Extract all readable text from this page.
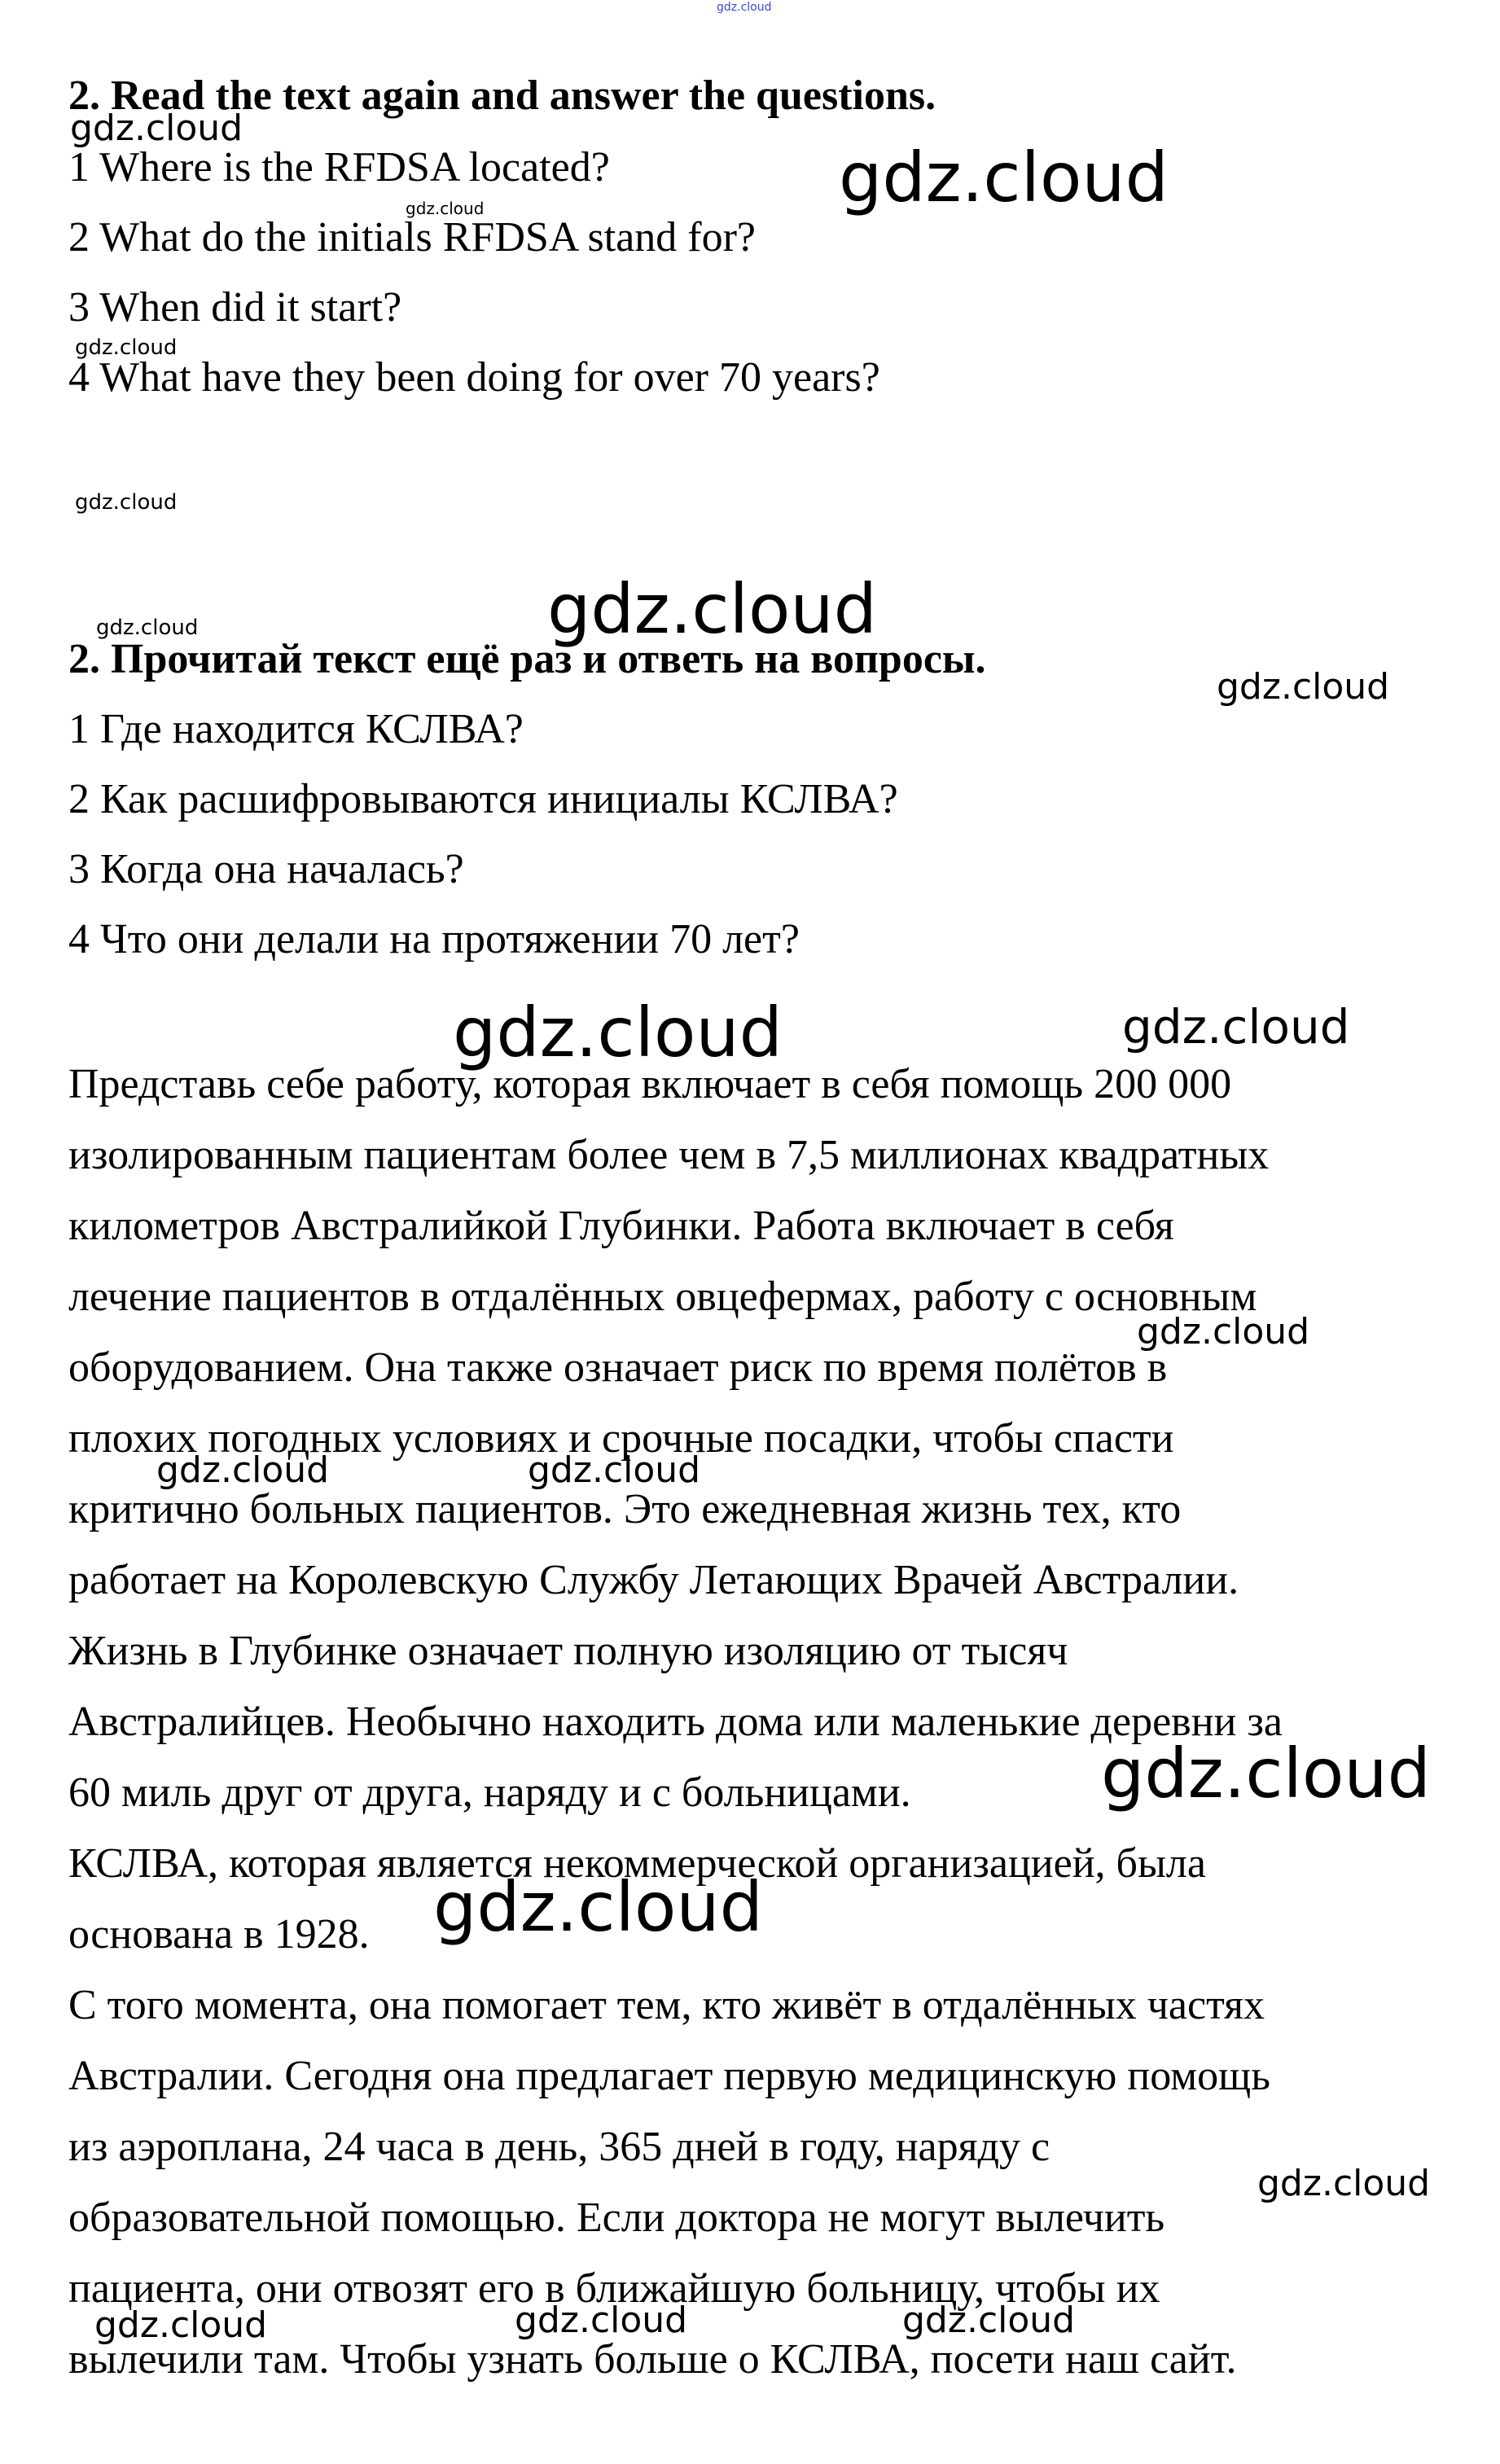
2. Read the text again and answer the questions.
1 Where is the RFDSA located?
2 What do the initials RFDSA stand for?
3 When did it start?
4 What have they been doing for over 70 years?
2. Прочитай текст ещё раз и ответь на вопросы.
1 Где находится КСЛВА?
2 Как расшифровываются инициалы КСЛВА?
3 Когда она началась?
4 Что они делали на протяжении 70 лет?
Представь себе работу, которая включает в себя помощь 200 000
изолированным пациентам более чем в 7,5 миллионах квадратных
километров Австралийкой Глубинки. Работа включает в себя
лечение пациентов в отдалённых овцефермах, работу с основным
оборудованием. Она также означает риск по время полётов в
плохих погодных условиях и срочные посадки, чтобы спасти
критично больных пациентов. Это ежедневная жизнь тех, кто
работает на Королевскую Службу Летающих Врачей Австралии.
Жизнь в Глубинке означает полную изоляцию от тысяч
Австралийцев. Необычно находить дома или маленькие деревни за
60 миль друг от друга, наряду и с больницами.
КСЛВА, которая является некоммерческой организацией, была
основана в 1928.
С того момента, она помогает тем, кто живёт в отдалённых частях
Австралии. Сегодня она предлагает первую медицинскую помощь
из аэроплана, 24 часа в день, 365 дней в году, наряду с
образовательной помощью. Если доктора не могут вылечить
пациента, они отвозят его в ближайшую больницу, чтобы их
вылечили там. Чтобы узнать больше о КСЛВА, посети наш сайт.
gdz.cloud
gdz.cloud
gdz.cloud
gdz.cloud
gdz.cloud
gdz.cloud
gdz.cloud
gdz.cloud
gdz.cloud
gdz.cloud	gdz.cloud
gdz.cloud
gdz.cloud	gdz.cloud
gdz.cloud
gdz.cloud
gdz.cloud
gdz.cloud	gdz.cloud	gdz.cloud
